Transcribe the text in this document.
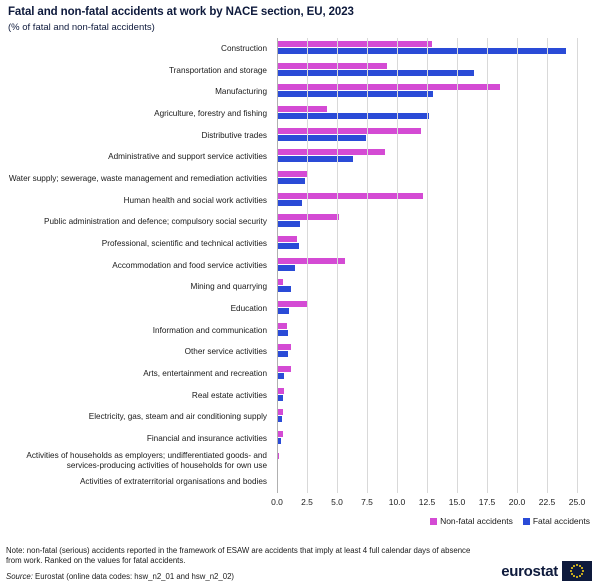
Fatal and non-fatal accidents at work by NACE section, EU, 2023
(% of fatal and non-fatal accidents)
Construction
Transportation and storage
Manufacturing
Agriculture, forestry and fishing
Distributive trades
Administrative and support service activities
Water supply; sewerage, waste management and remediation activities
Human health and social work activities
Public administration and defence; compulsory social security
Professional, scientific and technical activities
Accommodation and food service activities
Mining and quarrying
Education
Information and communication
Other service activities
Arts, entertainment and recreation
Real estate activities
Electricity, gas, steam and air conditioning supply
Financial and insurance activities
Activities of households as employers; undifferentiated goods- and services-producing activities of households for own use
Activities of extraterritorial organisations and bodies
Non-fatal accidents Fatal accidents
Note: non-fatal (serious) accidents reported in the framework of ESAW are accidents that imply at least 4 full calendar days of absence from work. Ranked on the values for fatal accidents.
Source: Eurostat (online data codes: hsw_n2_01 and hsw_n2_02)	eurostat
0.0 2.5 5.0 7.5 10.0 12.5 15.0 17.5 20.0 22.5 25.0
